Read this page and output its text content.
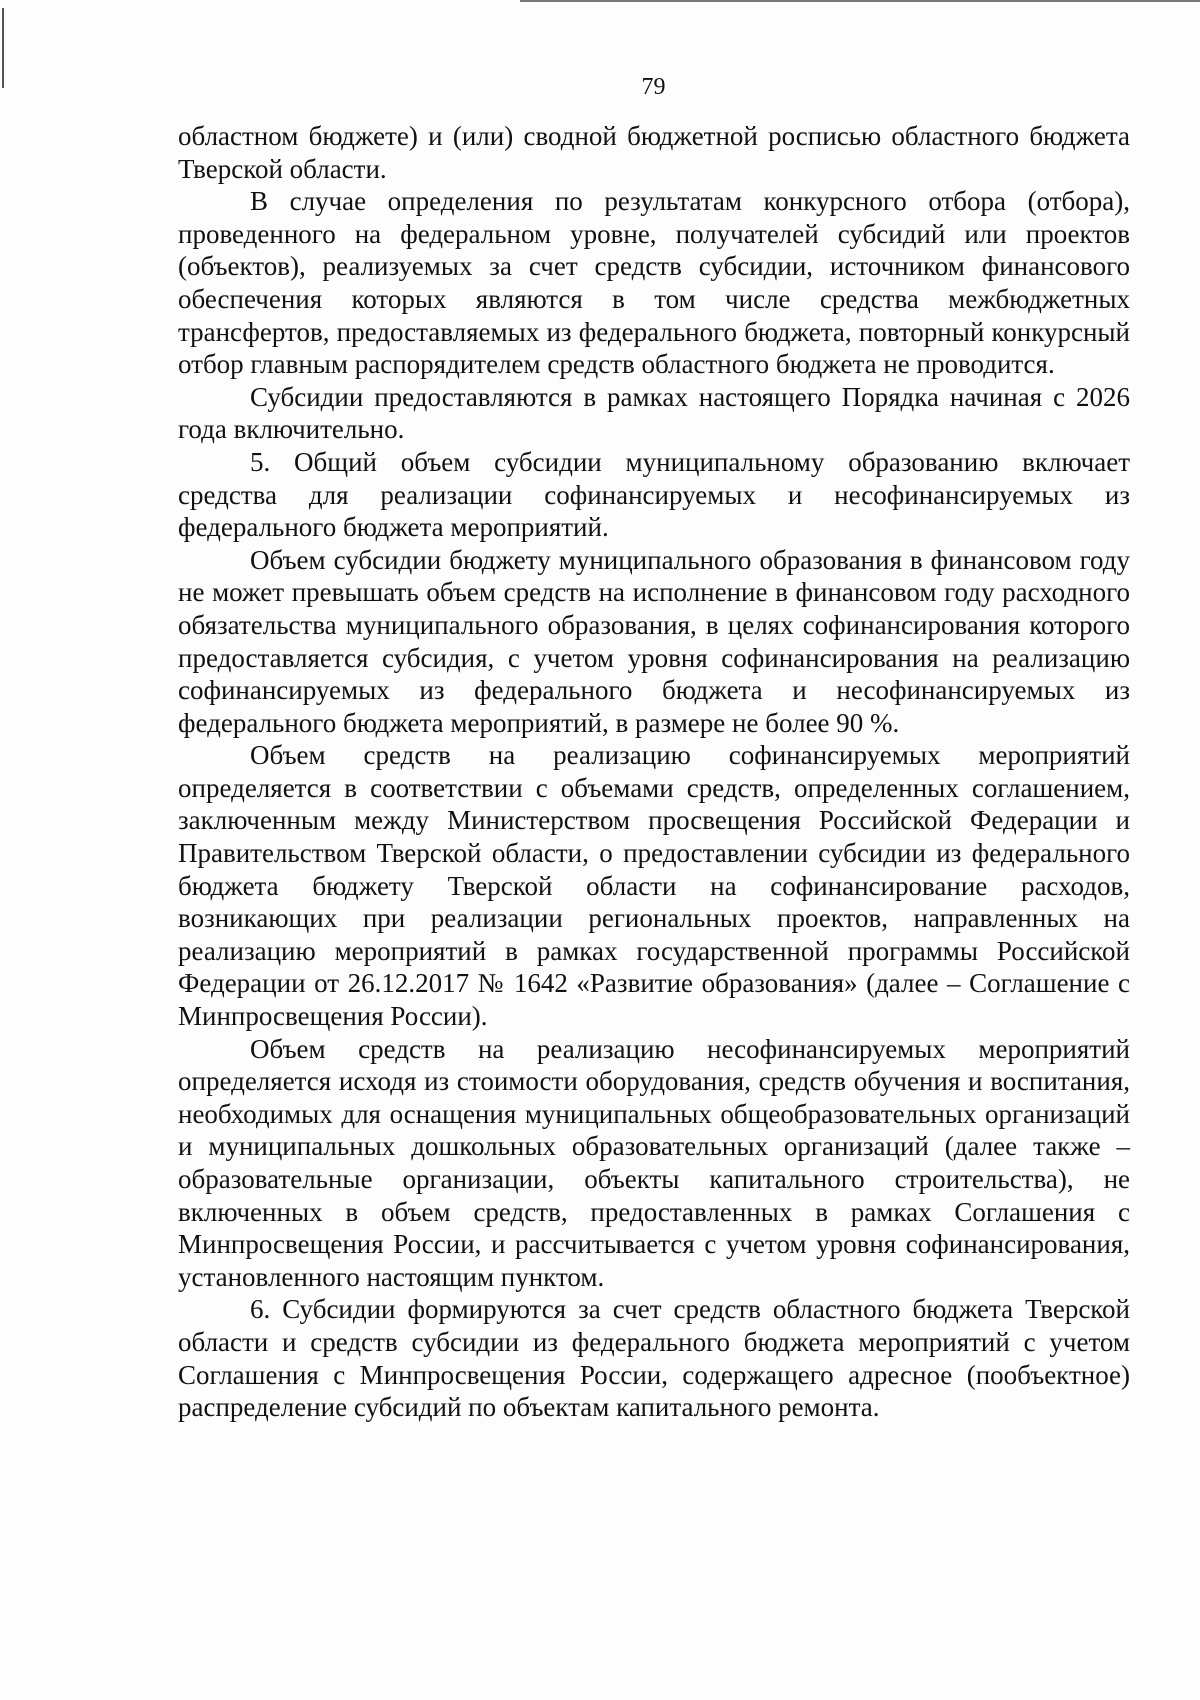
79

областном бюджете) и (или) сводной бюджетной росписью областного бюджета Тверской области.

В случае определения по результатам конкурсного отбора (отбора), проведенного на федеральном уровне, получателей субсидий или проектов (объектов), реализуемых за счет средств субсидии, источником финансового обеспечения которых являются в том числе средства межбюджетных трансфертов, предоставляемых из федерального бюджета, повторный конкурсный отбор главным распорядителем средств областного бюджета не проводится.

Субсидии предоставляются в рамках настоящего Порядка начиная с 2026 года включительно.

5. Общий объем субсидии муниципальному образованию включает средства для реализации софинансируемых и несофинансируемых из федерального бюджета мероприятий.

Объем субсидии бюджету муниципального образования в финансовом году не может превышать объем средств на исполнение в финансовом году расходного обязательства муниципального образования, в целях софинансирования которого предоставляется субсидия, с учетом уровня софинансирования на реализацию софинансируемых из федерального бюджета и несофинансируемых из федерального бюджета мероприятий, в размере не более 90 %.

Объем средств на реализацию софинансируемых мероприятий определяется в соответствии с объемами средств, определенных соглашением, заключенным между Министерством просвещения Российской Федерации и Правительством Тверской области, о предоставлении субсидии из федерального бюджета бюджету Тверской области на софинансирование расходов, возникающих при реализации региональных проектов, направленных на реализацию мероприятий в рамках государственной программы Российской Федерации от 26.12.2017 № 1642 «Развитие образования» (далее – Соглашение с Минпросвещения России).

Объем средств на реализацию несофинансируемых мероприятий определяется исходя из стоимости оборудования, средств обучения и воспитания, необходимых для оснащения муниципальных общеобразовательных организаций и муниципальных дошкольных образовательных организаций (далее также – образовательные организации, объекты капитального строительства), не включенных в объем средств, предоставленных в рамках Соглашения с Минпросвещения России, и рассчитывается с учетом уровня софинансирования, установленного настоящим пунктом.

6. Субсидии формируются за счет средств областного бюджета Тверской области и средств субсидии из федерального бюджета мероприятий с учетом Соглашения с Минпросвещения России, содержащего адресное (пообъектное) распределение субсидий по объектам капитального ремонта.
